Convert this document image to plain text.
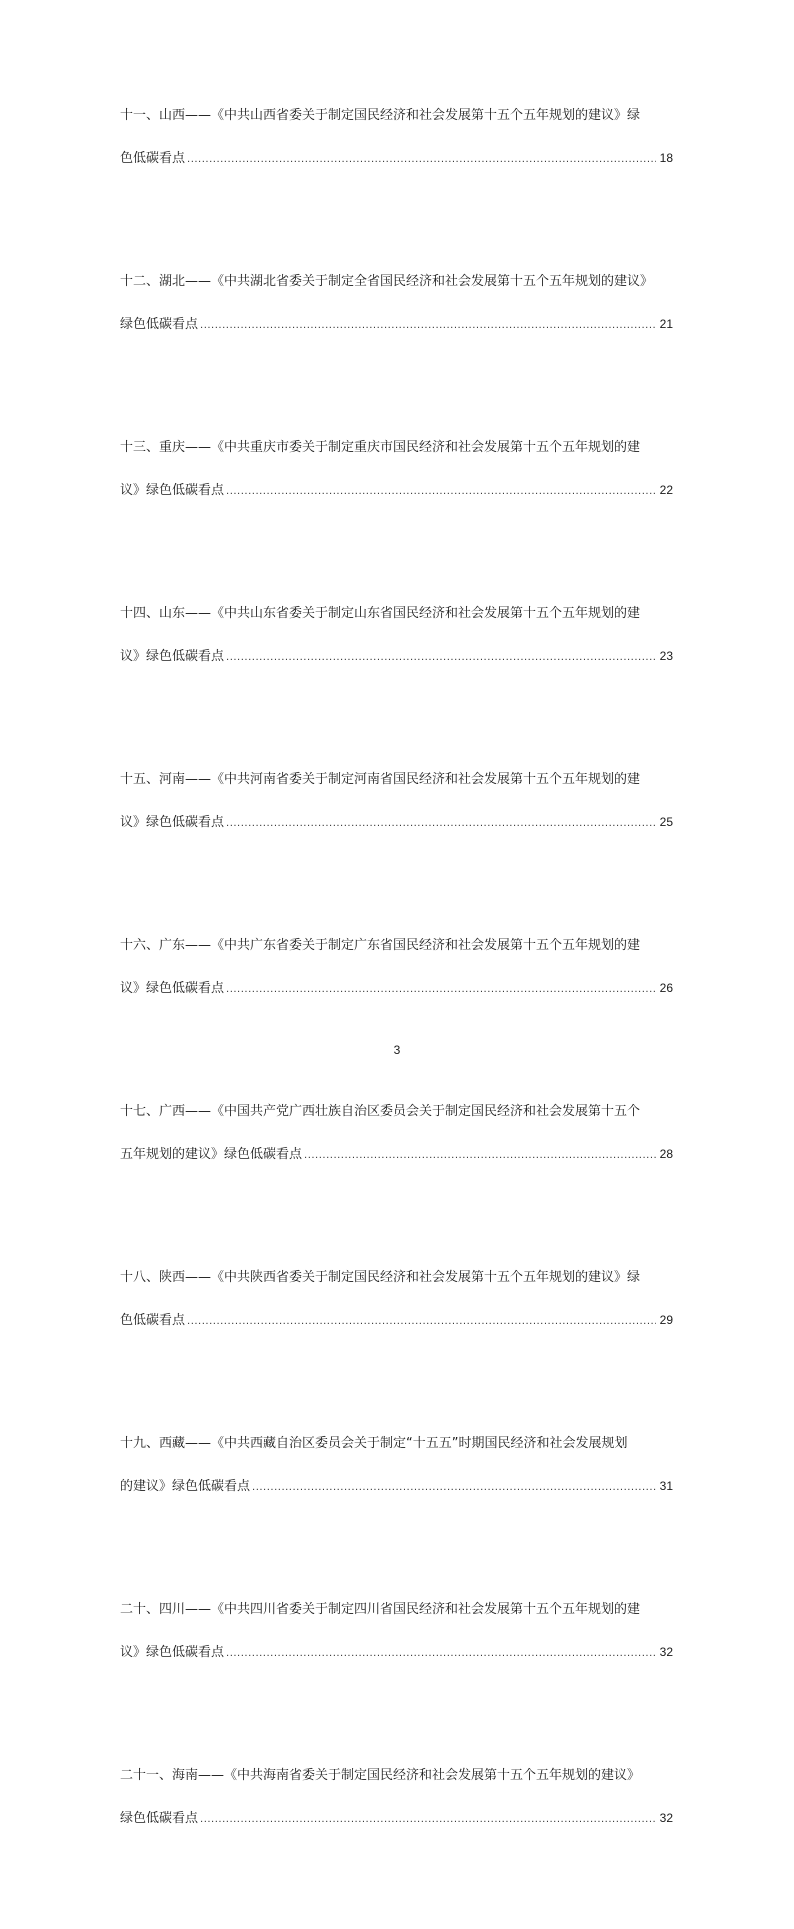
十一、山西——《中共山西省委关于制定国民经济和社会发展第十五个五年规划的建议》绿
色低碳看点 .....	18
十二、湖北——《中共湖北省委关于制定全省国民经济和社会发展第十五个五年规划的建议》
绿色低碳看点 .....	21
十三、重庆——《中共重庆市委关于制定重庆市国民经济和社会发展第十五个五年规划的建
议》绿色低碳看点 .....	22
十四、山东——《中共山东省委关于制定山东省国民经济和社会发展第十五个五年规划的建
议》绿色低碳看点 .....	23
十五、河南——《中共河南省委关于制定河南省国民经济和社会发展第十五个五年规划的建
议》绿色低碳看点 .....	25
十六、广东——《中共广东省委关于制定广东省国民经济和社会发展第十五个五年规划的建
议》绿色低碳看点 .....	26
十七、广西——《中国共产党广西壮族自治区委员会关于制定国民经济和社会发展第十五个
五年规划的建议》绿色低碳看点 .....	28
十八、陕西——《中共陕西省委关于制定国民经济和社会发展第十五个五年规划的建议》绿
色低碳看点 .....	29
十九、西藏——《中共西藏自治区委员会关于制定“十五五”时期国民经济和社会发展规划
的建议》绿色低碳看点 .....	31
二十、四川——《中共四川省委关于制定四川省国民经济和社会发展第十五个五年规划的建
议》绿色低碳看点 .....	32
二十一、海南——《中共海南省委关于制定国民经济和社会发展第十五个五年规划的建议》
绿色低碳看点 .....	32
3
